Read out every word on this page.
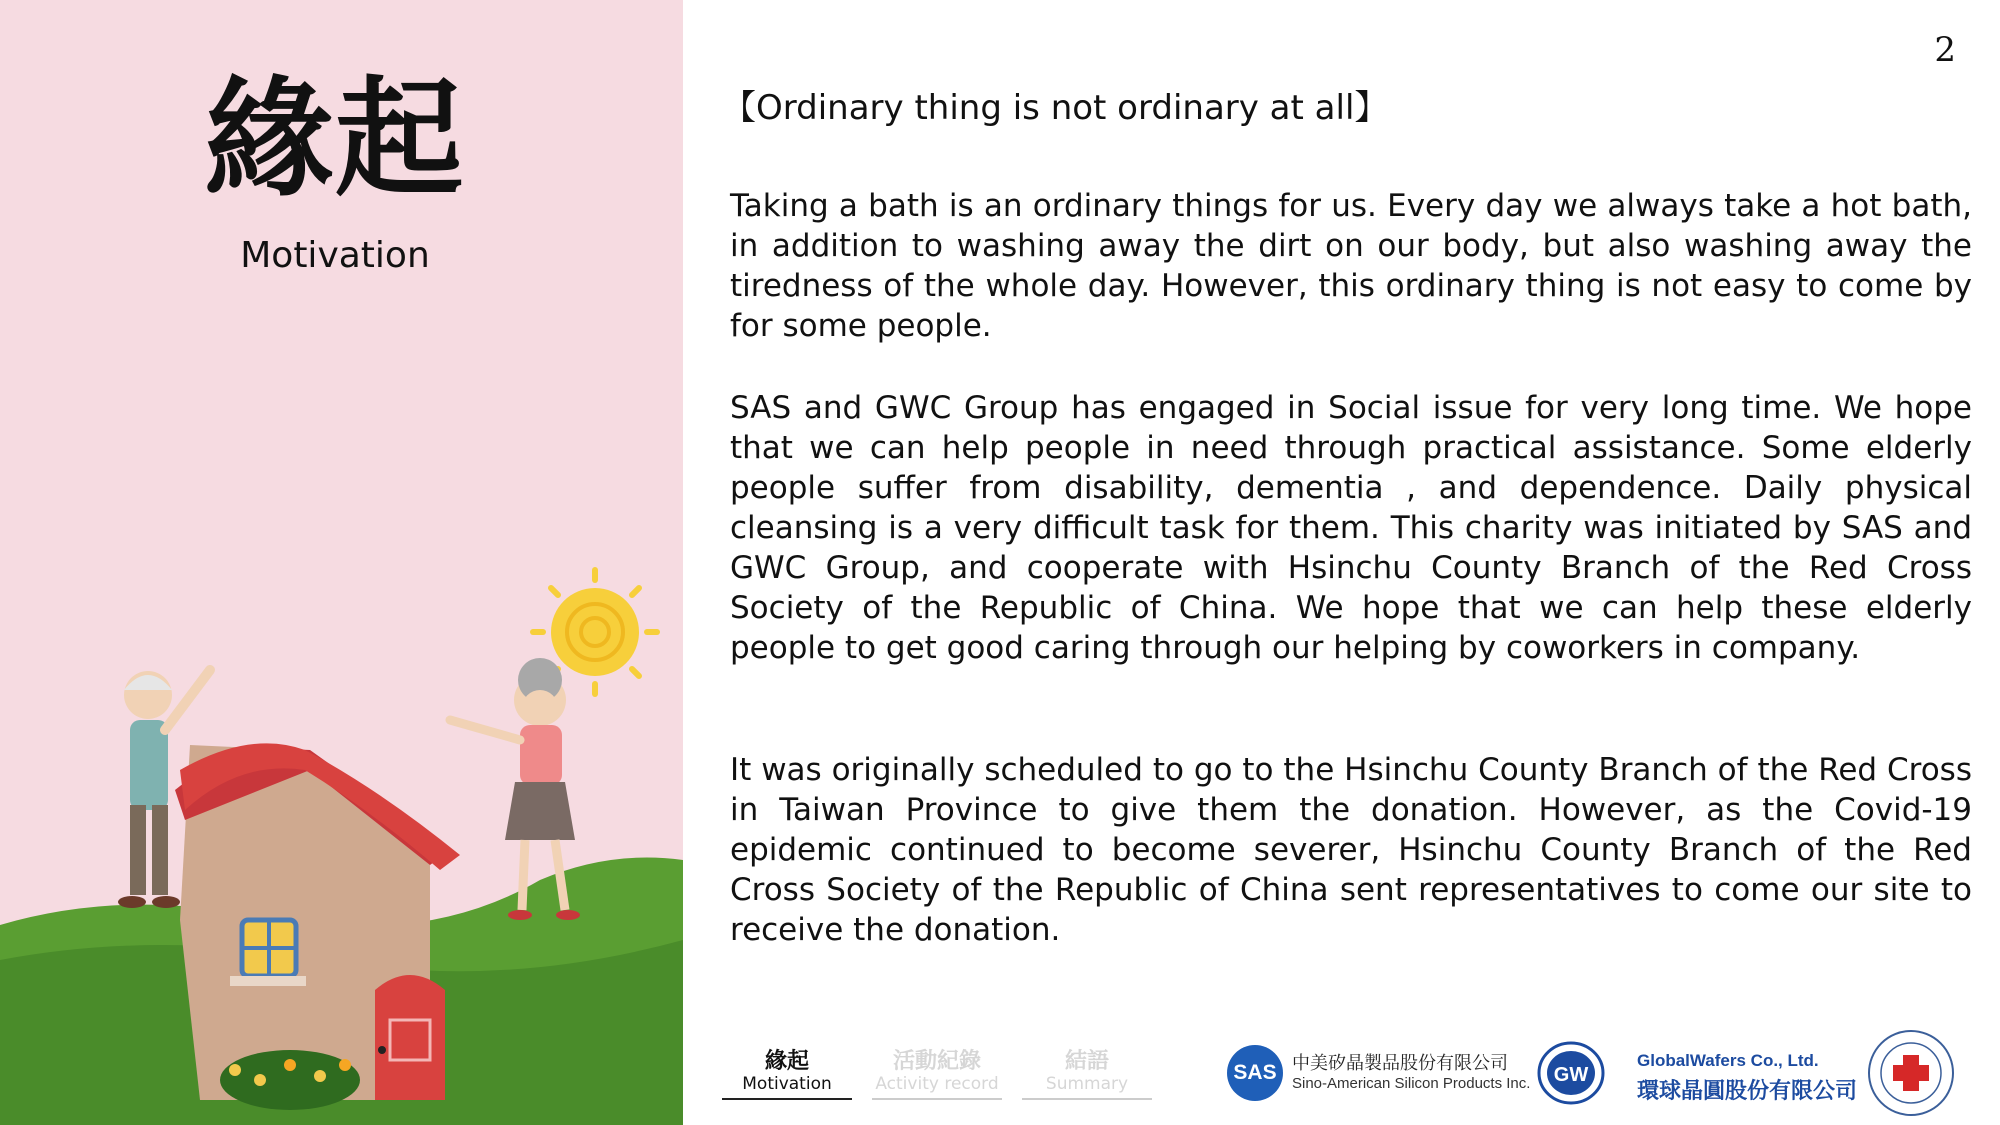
緣起
Motivation
2
【Ordinary thing is not ordinary at all】

Taking a bath is an ordinary things for us. Every day we always take a hot bath, in addition to washing away the dirt on our body, but also washing away the tiredness of the whole day. However, this ordinary thing is not easy to come by for some people.

SAS and GWC Group has engaged in Social issue for very long time. We hope that we can help people in need through practical assistance. Some elderly people suffer from disability, dementia , and dependence. Daily physical cleansing is a very difficult task for them. This charity was initiated by SAS and GWC Group, and cooperate with Hsinchu County Branch of the Red Cross Society of the Republic of China. We hope that we can help these elderly people to get good caring through our helping by coworkers in company.

It was originally scheduled to go to the Hsinchu County Branch of the Red Cross in Taiwan Province to give them the donation. However, as the Covid-19 epidemic continued to become severer, Hsinchu County Branch of the Red Cross Society of the Republic of China sent representatives to come our site to receive the donation.

緣起
Motivation
活動紀錄
Activity record
結語
Summary	SAS 中美矽晶製品股份有限公司
Sino-American Silicon Products Inc. GW
GlobalWafers Co., Ltd.
環球晶圓股份有限公司
